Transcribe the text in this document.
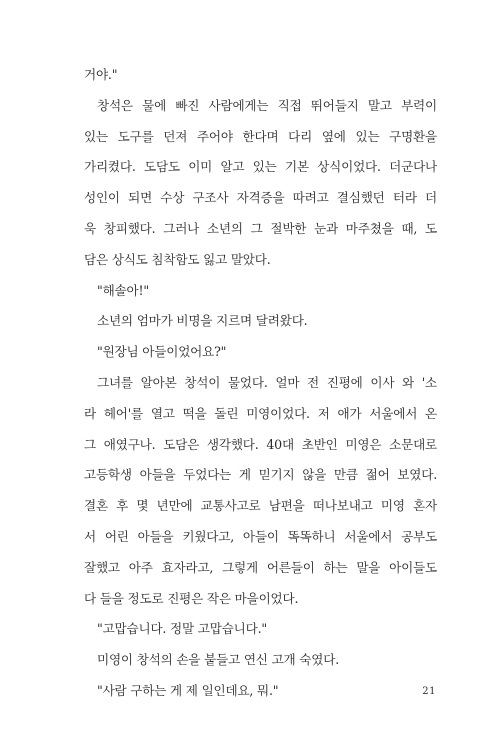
거야."
창석은 물에 빠진 사람에게는 직접 뛰어들지 말고 부력이
있는 도구를 던져 주어야 한다며 다리 옆에 있는 구명환을
가리켰다. 도담도 이미 알고 있는 기본 상식이었다. 더군다나
성인이 되면 수상 구조사 자격증을 따려고 결심했던 터라 더
욱 창피했다. 그러나 소년의 그 절박한 눈과 마주쳤을 때, 도
담은 상식도 침착함도 잃고 말았다.
"해솔아!"
소년의 엄마가 비명을 지르며 달려왔다.
"원장님 아들이었어요?"
그녀를 알아본 창석이 물었다. 얼마 전 진평에 이사 와 '소
라 헤어'를 열고 떡을 돌린 미영이었다. 저 애가 서울에서 온
그 애였구나. 도담은 생각했다. 40대 초반인 미영은 소문대로
고등학생 아들을 두었다는 게 믿기지 않을 만큼 젊어 보였다.
결혼 후 몇 년만에 교통사고로 남편을 떠나보내고 미영 혼자
서 어린 아들을 키웠다고, 아들이 똑똑하니 서울에서 공부도
잘했고 아주 효자라고, 그렇게 어른들이 하는 말을 아이들도
다 들을 정도로 진평은 작은 마을이었다.
"고맙습니다. 정말 고맙습니다."
미영이 창석의 손을 붙들고 연신 고개 숙였다.
"사람 구하는 게 제 일인데요, 뭐."	21
